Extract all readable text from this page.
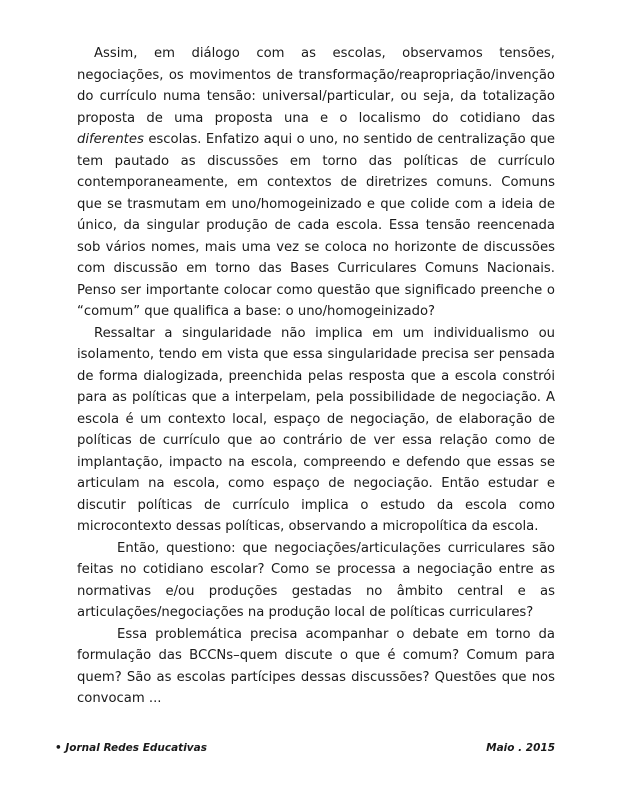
Assim, em diálogo com as escolas, observamos tensões, negociações, os movimentos de transformação/reapropriação/invenção do currículo numa tensão: universal/particular, ou seja, da totalização proposta de uma proposta una e o localismo do cotidiano das diferentes escolas. Enfatizo aqui o uno, no sentido de centralização que tem pautado as discussões em torno das políticas de currículo contemporaneamente, em contextos de diretrizes comuns. Comuns que se trasmutam em uno/homogeinizado e que colide com a ideia de único, da singular produção de cada escola. Essa tensão reencenada sob vários nomes, mais uma vez se coloca no horizonte de discussões com discussão em torno das Bases Curriculares Comuns Nacionais. Penso ser importante colocar como questão que significado preenche o “comum” que qualifica a base: o uno/homogeinizado?

Ressaltar a singularidade não implica em um individualismo ou isolamento, tendo em vista que essa singularidade precisa ser pensada de forma dialogizada, preenchida pelas resposta que a escola constrói para as políticas que a interpelam, pela possibilidade de negociação. A escola é um contexto local, espaço de negociação, de elaboração de políticas de currículo que ao contrário de ver essa relação como de implantação, impacto na escola, compreendo e defendo que essas se articulam na escola, como espaço de negociação. Então estudar e discutir políticas de currículo implica o estudo da escola como microcontexto dessas políticas, observando a micropolítica da escola.

Então, questiono: que negociações/articulações curriculares são feitas no cotidiano escolar? Como se processa a negociação entre as normativas e/ou produções gestadas no âmbito central e as articulações/negociações na produção local de políticas curriculares?

Essa problemática precisa acompanhar o debate em torno da formulação das BCCNs–quem discute o que é comum? Comum para quem? São as escolas partícipes dessas discussões? Questões que nos convocam ...

• Jornal Redes Educativas	Maio . 2015
